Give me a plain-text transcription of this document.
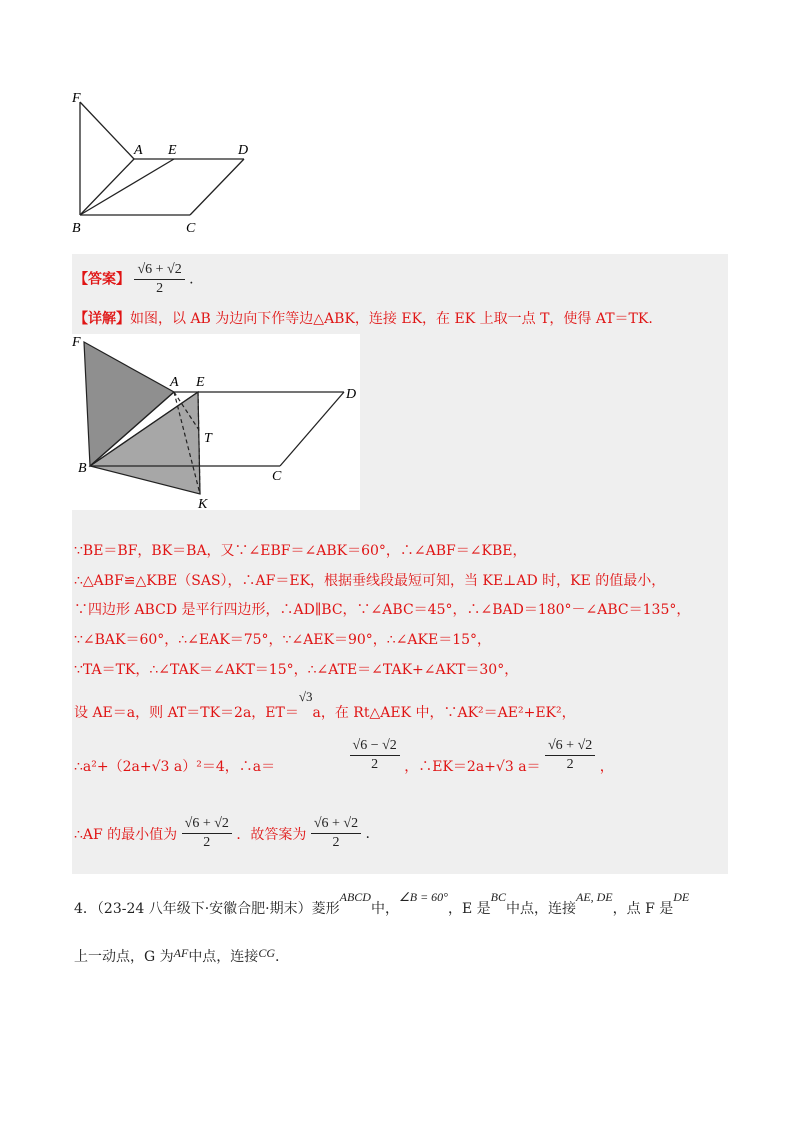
F
A E	D
B	C
【答案】 $\frac{√6 + √2}{2}$ .
【详解】如图，以 AB 为边向下作等边△ABK，连接 EK，在 EK 上取一点 T，使得 AT＝TK.
F
A E
D
T
B
C
K
∵BE＝BF，BK＝BA，又∵∠EBF＝∠ABK＝60°，∴∠ABF＝∠KBE，
∴△ABF≌△KBE（SAS），∴AF＝EK，根据垂线段最短可知，当 KE⊥AD 时，KE 的值最小，
∵四边形 ABCD 是平行四边形，∴AD∥BC，∵∠ABC＝45°，∴∠BAD＝180°－∠ABC＝135°，
∵∠BAK＝60°，∴∠EAK＝75°，∵∠AEK＝90°，∴∠AKE＝15°，
∵TA＝TK，∴∠TAK＝∠AKT＝15°，∴∠ATE＝∠TAK+∠AKT＝30°，
设 AE＝a，则 AT＝TK＝2a，ET＝√3a，在 Rt△AEK 中，∵AK²＝AE²+EK²，
∴a²+（2a+√3 a）²＝4，∴a＝	$\frac{√6 - √2}{2}$ ，∴EK＝2a+√3 $a= \frac{√6 + √2}{2}$ ，
∴AF 的最小值为 $\frac{√6 + √2}{2}$ ．故答案为 $\frac{√6 + √2}{2}$ .
4．（23-24 八年级下·安徽合肥·期末）菱形ABCD中，∠B = 60°，E 是BC中点，连接AE, DE，点 F 是DE
上一动点，G 为AF中点，连接CG.
